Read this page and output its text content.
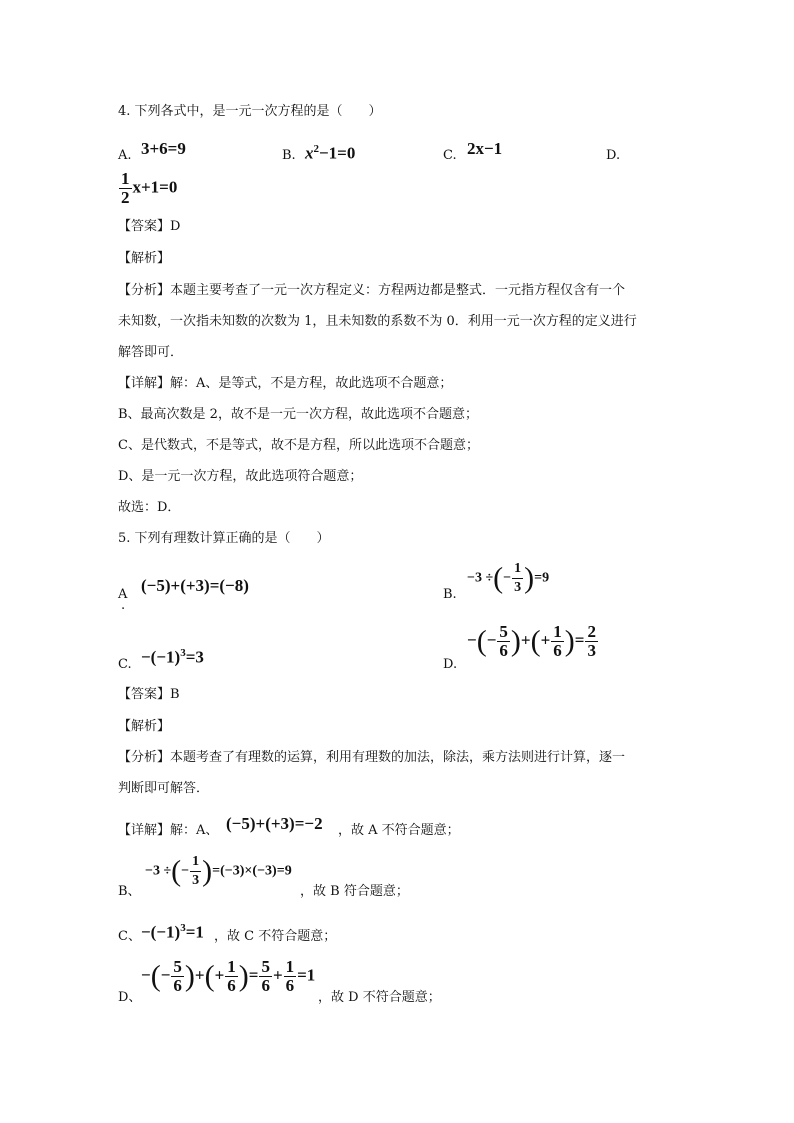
4. 下列各式中，是一元一次方程的是（　　）
A. 3+6=9	B. $x^2-1=0$	C. 2x−1	D.
$\frac{1}{2} x+1=0$
【答案】D
【解析】
【分析】本题主要考查了一元一次方程定义：方程两边都是整式．一元指方程仅含有一个
未知数，一次指未知数的次数为 1，且未知数的系数不为 0．利用一元一次方程的定义进行
解答即可．
【详解】解：A、是等式，不是方程，故此选项不合题意；
B、最高次数是 2，故不是一元一次方程，故此选项不合题意；
C、是代数式，不是等式，故不是方程，所以此选项不合题意；
D、是一元一次方程，故此选项符合题意；
故选：D．
5. 下列有理数计算正确的是（　　）
A
.
(−5)+(+3)=(−8)	B.
−3 ÷(− $\frac{1}{3} )=9$
C. $-(-1)^3=3$	D.
−(− $\frac{5}{6}$ )+(+ $\frac{1}{6}$ )= $\frac{2}{3}$
【答案】B
【解析】
【分析】本题考查了有理数的运算，利用有理数的加法，除法，乘方法则进行计算，逐一
判断即可解答．
【详解】解：A、 (−5)+(+3)=−2 ，故 A 不符合题意；
B、
−3 ÷(− $\frac{1}{3} )=(-3)\times(-3)=9$
，故 B 符合题意；
C、 $-(-1)^3=1$ ，故 C 不符合题意；
D、
−(− $\frac{5}{6}$ )+(+ $\frac{1}{6}$ )= $\frac{5}{6} + \frac{1}{6} =1$
，故 D 不符合题意；
